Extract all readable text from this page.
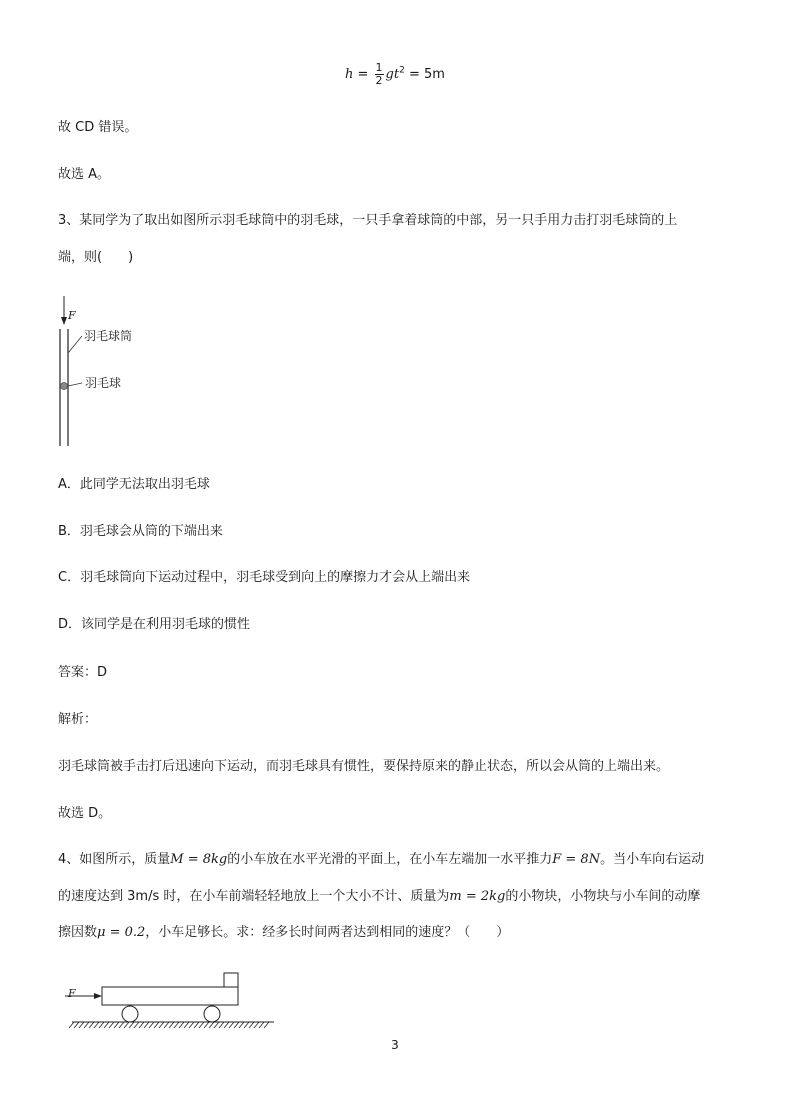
$h = \frac{1}{2} gt^2 = 5m$
故 CD 错误。
故选 A。
3、某同学为了取出如图所示羽毛球筒中的羽毛球，一只手拿着球筒的中部，另一只手用力击打羽毛球筒的上
端，则(　　)
F
羽毛球筒
羽毛球
A．此同学无法取出羽毛球
B．羽毛球会从筒的下端出来
C．羽毛球筒向下运动过程中，羽毛球受到向上的摩擦力才会从上端出来
D．该同学是在利用羽毛球的惯性
答案：D
解析：
羽毛球筒被手击打后迅速向下运动，而羽毛球具有惯性，要保持原来的静止状态，所以会从筒的上端出来。
故选 D。
4、如图所示，质量M = 8kg的小车放在水平光滑的平面上，在小车左端加一水平推力F = 8N。当小车向右运动
的速度达到 3m/s 时，在小车前端轻轻地放上一个大小不计、质量为m = 2kg的小物块，小物块与小车间的动摩
擦因数μ = 0.2，小车足够长。求：经多长时间两者达到相同的速度？（　　）
F
3
